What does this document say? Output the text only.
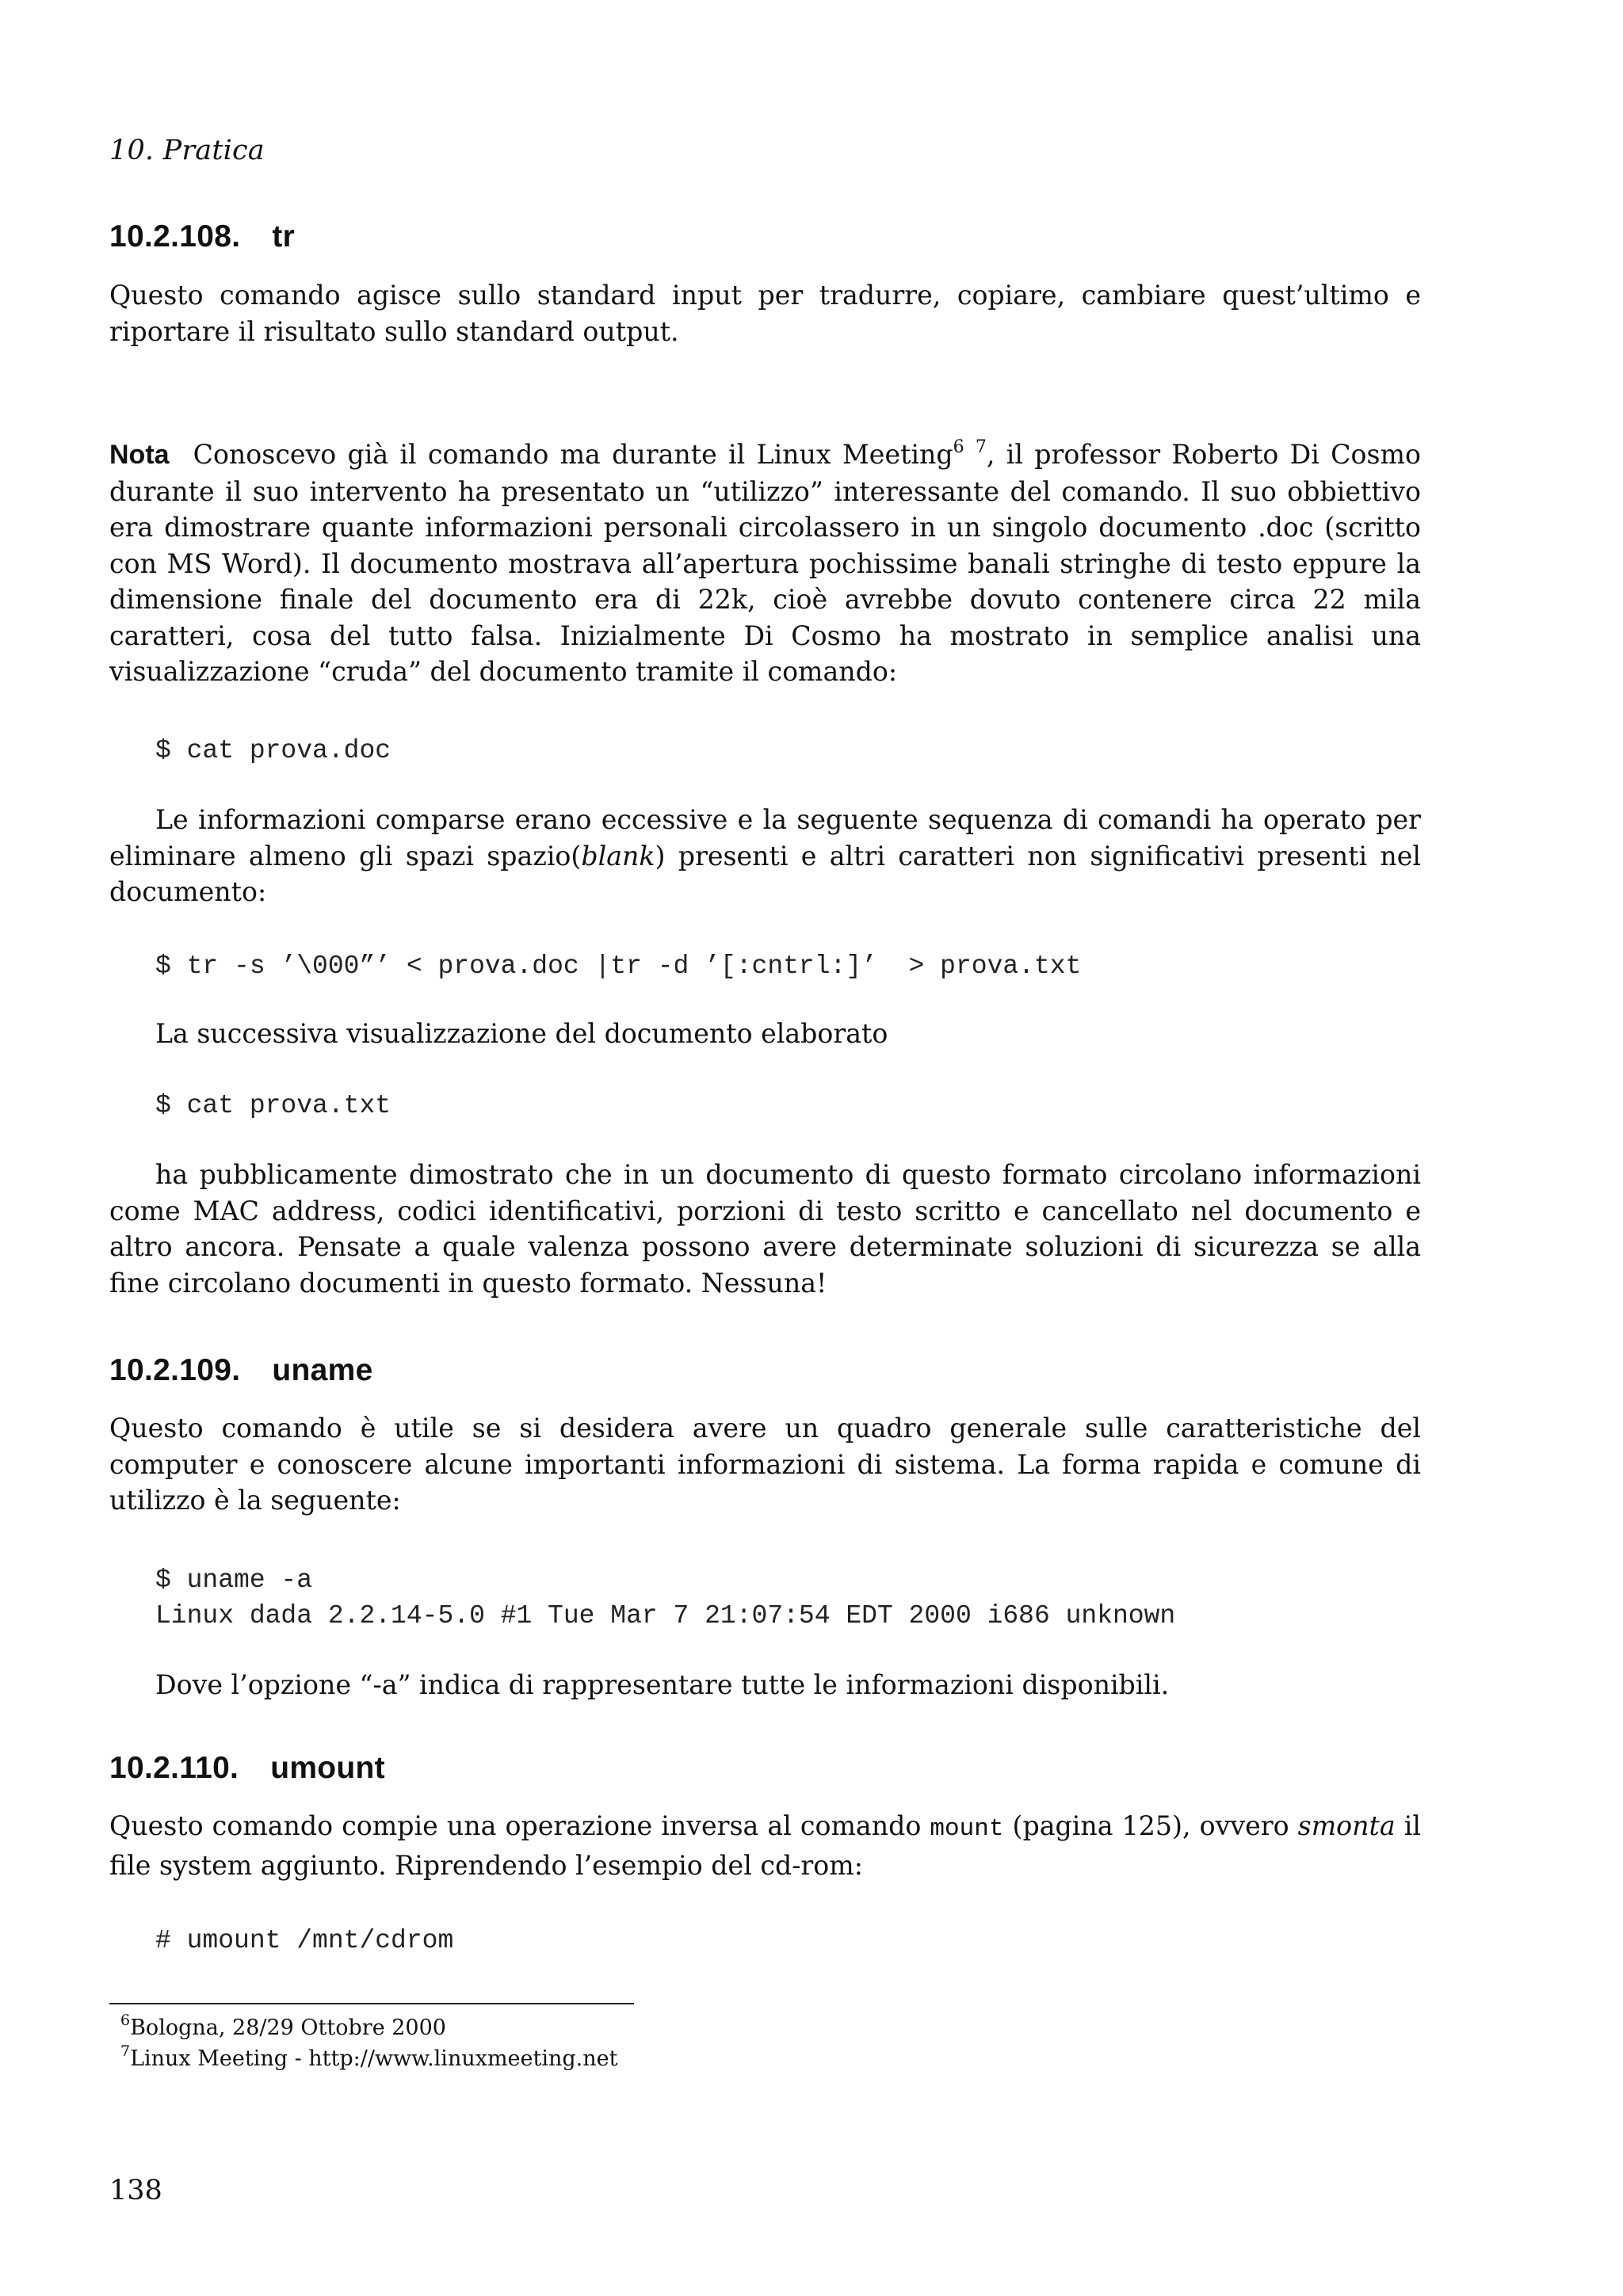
10. Pratica
10.2.108. tr

Questo comando agisce sullo standard input per tradurre, copiare, cambiare quest’ultimo e riportare il risultato sullo standard output.

Nota Conoscevo già il comando ma durante il Linux Meeting$^6$ $^7$, il professor Roberto Di Cosmo durante il suo intervento ha presentato un “utilizzo” interessante del comando. Il suo obbiettivo era dimostrare quante informazioni personali circolassero in un singolo documento .doc (scritto con MS Word). Il documento mostrava all’apertura pochissime banali stringhe di testo eppure la dimensione finale del documento era di 22k, cioè avrebbe dovuto contenere circa 22 mila caratteri, cosa del tutto falsa. Inizialmente Di Cosmo ha mostrato in semplice analisi una visualizzazione “cruda” del documento tramite il comando:

$ cat prova.doc

Le informazioni comparse erano eccessive e la seguente sequenza di comandi ha operato per eliminare almeno gli spazi spazio(blank) presenti e altri caratteri non significativi presenti nel documento:

$ tr -s ’\000”’ < prova.doc |tr -d ’[:cntrl:]’  > prova.txt

La successiva visualizzazione del documento elaborato

$ cat prova.txt

ha pubblicamente dimostrato che in un documento di questo formato circolano informazioni come MAC address, codici identificativi, porzioni di testo scritto e cancellato nel documento e altro ancora. Pensate a quale valenza possono avere determinate soluzioni di sicurezza se alla fine circolano documenti in questo formato. Nessuna!

10.2.109. uname

Questo comando è utile se si desidera avere un quadro generale sulle caratteristiche del computer e conoscere alcune importanti informazioni di sistema. La forma rapida e comune di utilizzo è la seguente:

$ uname -a
Linux dada 2.2.14-5.0 #1 Tue Mar 7 21:07:54 EDT 2000 i686 unknown

Dove l’opzione “-a” indica di rappresentare tutte le informazioni disponibili.

10.2.110. umount

Questo comando compie una operazione inversa al comando mount (pagina 125), ovvero smonta il file system aggiunto. Riprendendo l’esempio del cd-rom:

# umount /mnt/cdrom
$^6$Bologna, 28/29 Ottobre 2000
$^7$Linux Meeting - http://www.linuxmeeting.net
138
